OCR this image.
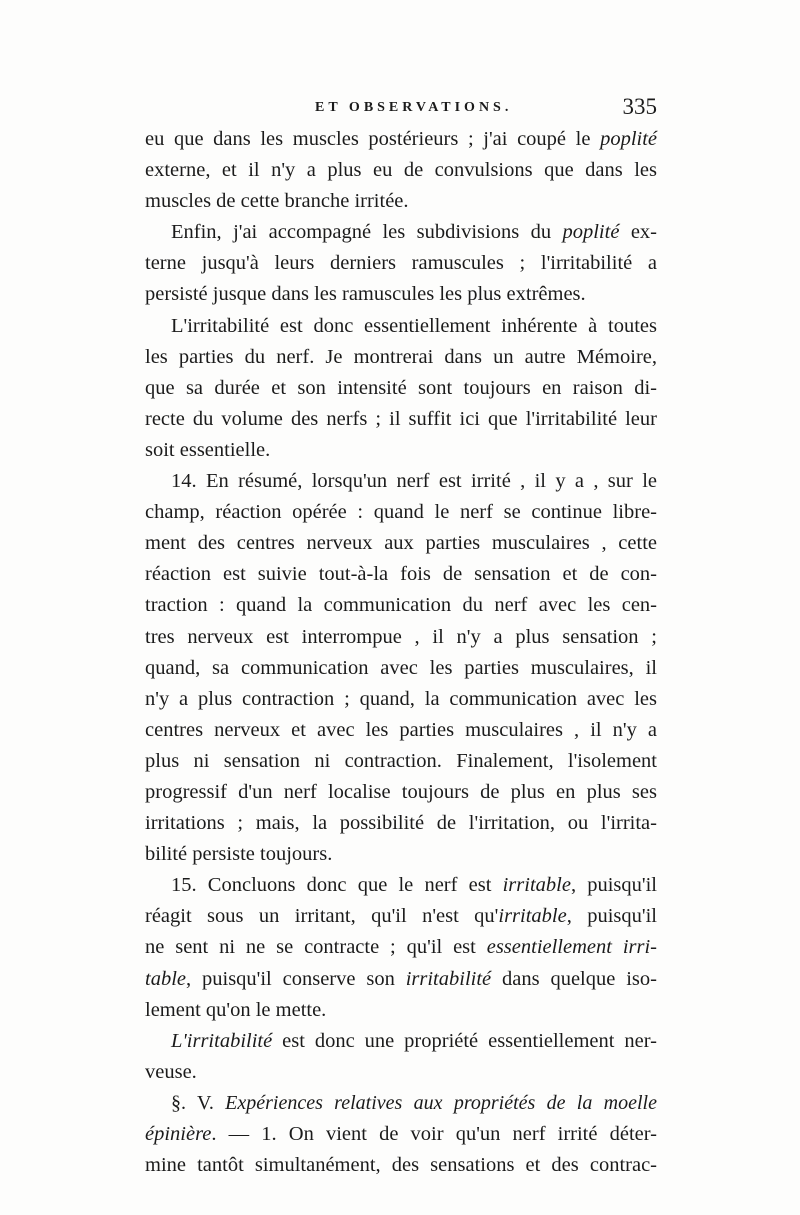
ET OBSERVATIONS.	335
eu que dans les muscles postérieurs ; j'ai coupé le poplité
externe, et il n'y a plus eu de convulsions que dans les
muscles de cette branche irritée.
Enfin, j'ai accompagné les subdivisions du poplité ex-
terne jusqu'à leurs derniers ramuscules ; l'irritabilité a
persisté jusque dans les ramuscules les plus extrêmes.
L'irritabilité est donc essentiellement inhérente à toutes
les parties du nerf. Je montrerai dans un autre Mémoire,
que sa durée et son intensité sont toujours en raison di-
recte du volume des nerfs ; il suffit ici que l'irritabilité leur
soit essentielle.
14. En résumé, lorsqu'un nerf est irrité , il y a , sur le
champ, réaction opérée : quand le nerf se continue libre-
ment des centres nerveux aux parties musculaires , cette
réaction est suivie tout-à-la fois de sensation et de con-
traction : quand la communication du nerf avec les cen-
tres nerveux est interrompue , il n'y a plus sensation ;
quand, sa communication avec les parties musculaires, il
n'y a plus contraction ; quand, la communication avec les
centres nerveux et avec les parties musculaires , il n'y a
plus ni sensation ni contraction. Finalement, l'isolement
progressif d'un nerf localise toujours de plus en plus ses
irritations ; mais, la possibilité de l'irritation, ou l'irrita-
bilité persiste toujours.
15. Concluons donc que le nerf est irritable, puisqu'il
réagit sous un irritant, qu'il n'est qu'irritable, puisqu'il
ne sent ni ne se contracte ; qu'il est essentiellement irri-
table, puisqu'il conserve son irritabilité dans quelque iso-
lement qu'on le mette.
L'irritabilité est donc une propriété essentiellement ner-
veuse.
§. V. Expériences relatives aux propriétés de la moelle
épinière. — 1. On vient de voir qu'un nerf irrité déter-
mine tantôt simultanément, des sensations et des contrac-
